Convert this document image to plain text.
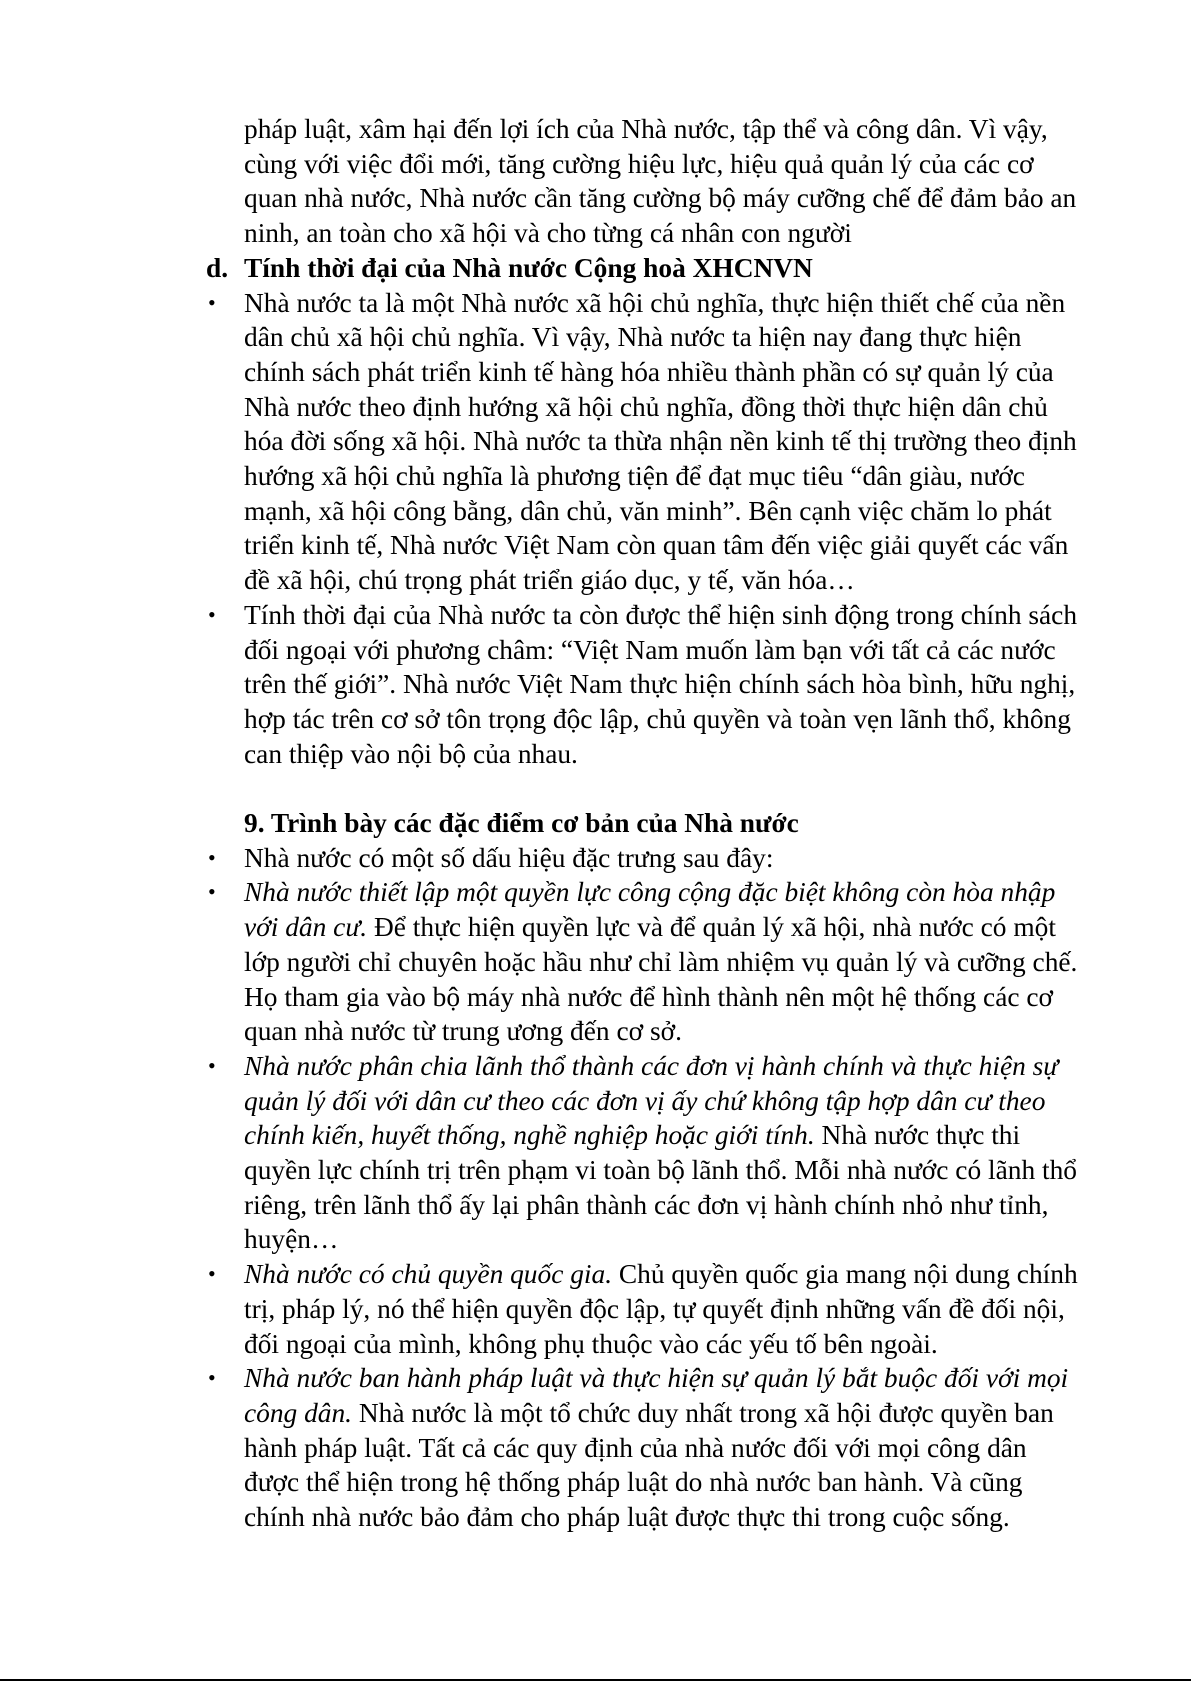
pháp luật, xâm hại đến lợi ích của Nhà nước, tập thể và công dân. Vì vậy, cùng với việc đổi mới, tăng cường hiệu lực, hiệu quả quản lý của các cơ quan nhà nước, Nhà nước cần tăng cường bộ máy cưỡng chế để đảm bảo an ninh, an toàn cho xã hội và cho từng cá nhân con người

d. Tính thời đại của Nhà nước Cộng hoà XHCNVN

• Nhà nước ta là một Nhà nước xã hội chủ nghĩa, thực hiện thiết chế của nền dân chủ xã hội chủ nghĩa. Vì vậy, Nhà nước ta hiện nay đang thực hiện chính sách phát triển kinh tế hàng hóa nhiều thành phần có sự quản lý của Nhà nước theo định hướng xã hội chủ nghĩa, đồng thời thực hiện dân chủ hóa đời sống xã hội. Nhà nước ta thừa nhận nền kinh tế thị trường theo định hướng xã hội chủ nghĩa là phương tiện để đạt mục tiêu “dân giàu, nước mạnh, xã hội công bằng, dân chủ, văn minh”. Bên cạnh việc chăm lo phát triển kinh tế, Nhà nước Việt Nam còn quan tâm đến việc giải quyết các vấn đề xã hội, chú trọng phát triển giáo dục, y tế, văn hóa…

• Tính thời đại của Nhà nước ta còn được thể hiện sinh động trong chính sách đối ngoại với phương châm: “Việt Nam muốn làm bạn với tất cả các nước trên thế giới”. Nhà nước Việt Nam thực hiện chính sách hòa bình, hữu nghị, hợp tác trên cơ sở tôn trọng độc lập, chủ quyền và toàn vẹn lãnh thổ, không can thiệp vào nội bộ của nhau.

9. Trình bày các đặc điểm cơ bản của Nhà nước

• Nhà nước có một số dấu hiệu đặc trưng sau đây:

• Nhà nước thiết lập một quyền lực công cộng đặc biệt không còn hòa nhập với dân cư. Để thực hiện quyền lực và để quản lý xã hội, nhà nước có một lớp người chỉ chuyên hoặc hầu như chỉ làm nhiệm vụ quản lý và cưỡng chế. Họ tham gia vào bộ máy nhà nước để hình thành nên một hệ thống các cơ quan nhà nước từ trung ương đến cơ sở.

• Nhà nước phân chia lãnh thổ thành các đơn vị hành chính và thực hiện sự quản lý đối với dân cư theo các đơn vị ấy chứ không tập hợp dân cư theo chính kiến, huyết thống, nghề nghiệp hoặc giới tính. Nhà nước thực thi quyền lực chính trị trên phạm vi toàn bộ lãnh thổ. Mỗi nhà nước có lãnh thổ riêng, trên lãnh thổ ấy lại phân thành các đơn vị hành chính nhỏ như tỉnh, huyện…

• Nhà nước có chủ quyền quốc gia. Chủ quyền quốc gia mang nội dung chính trị, pháp lý, nó thể hiện quyền độc lập, tự quyết định những vấn đề đối nội, đối ngoại của mình, không phụ thuộc vào các yếu tố bên ngoài.

• Nhà nước ban hành pháp luật và thực hiện sự quản lý bắt buộc đối với mọi công dân. Nhà nước là một tổ chức duy nhất trong xã hội được quyền ban hành pháp luật. Tất cả các quy định của nhà nước đối với mọi công dân được thể hiện trong hệ thống pháp luật do nhà nước ban hành. Và cũng chính nhà nước bảo đảm cho pháp luật được thực thi trong cuộc sống.
